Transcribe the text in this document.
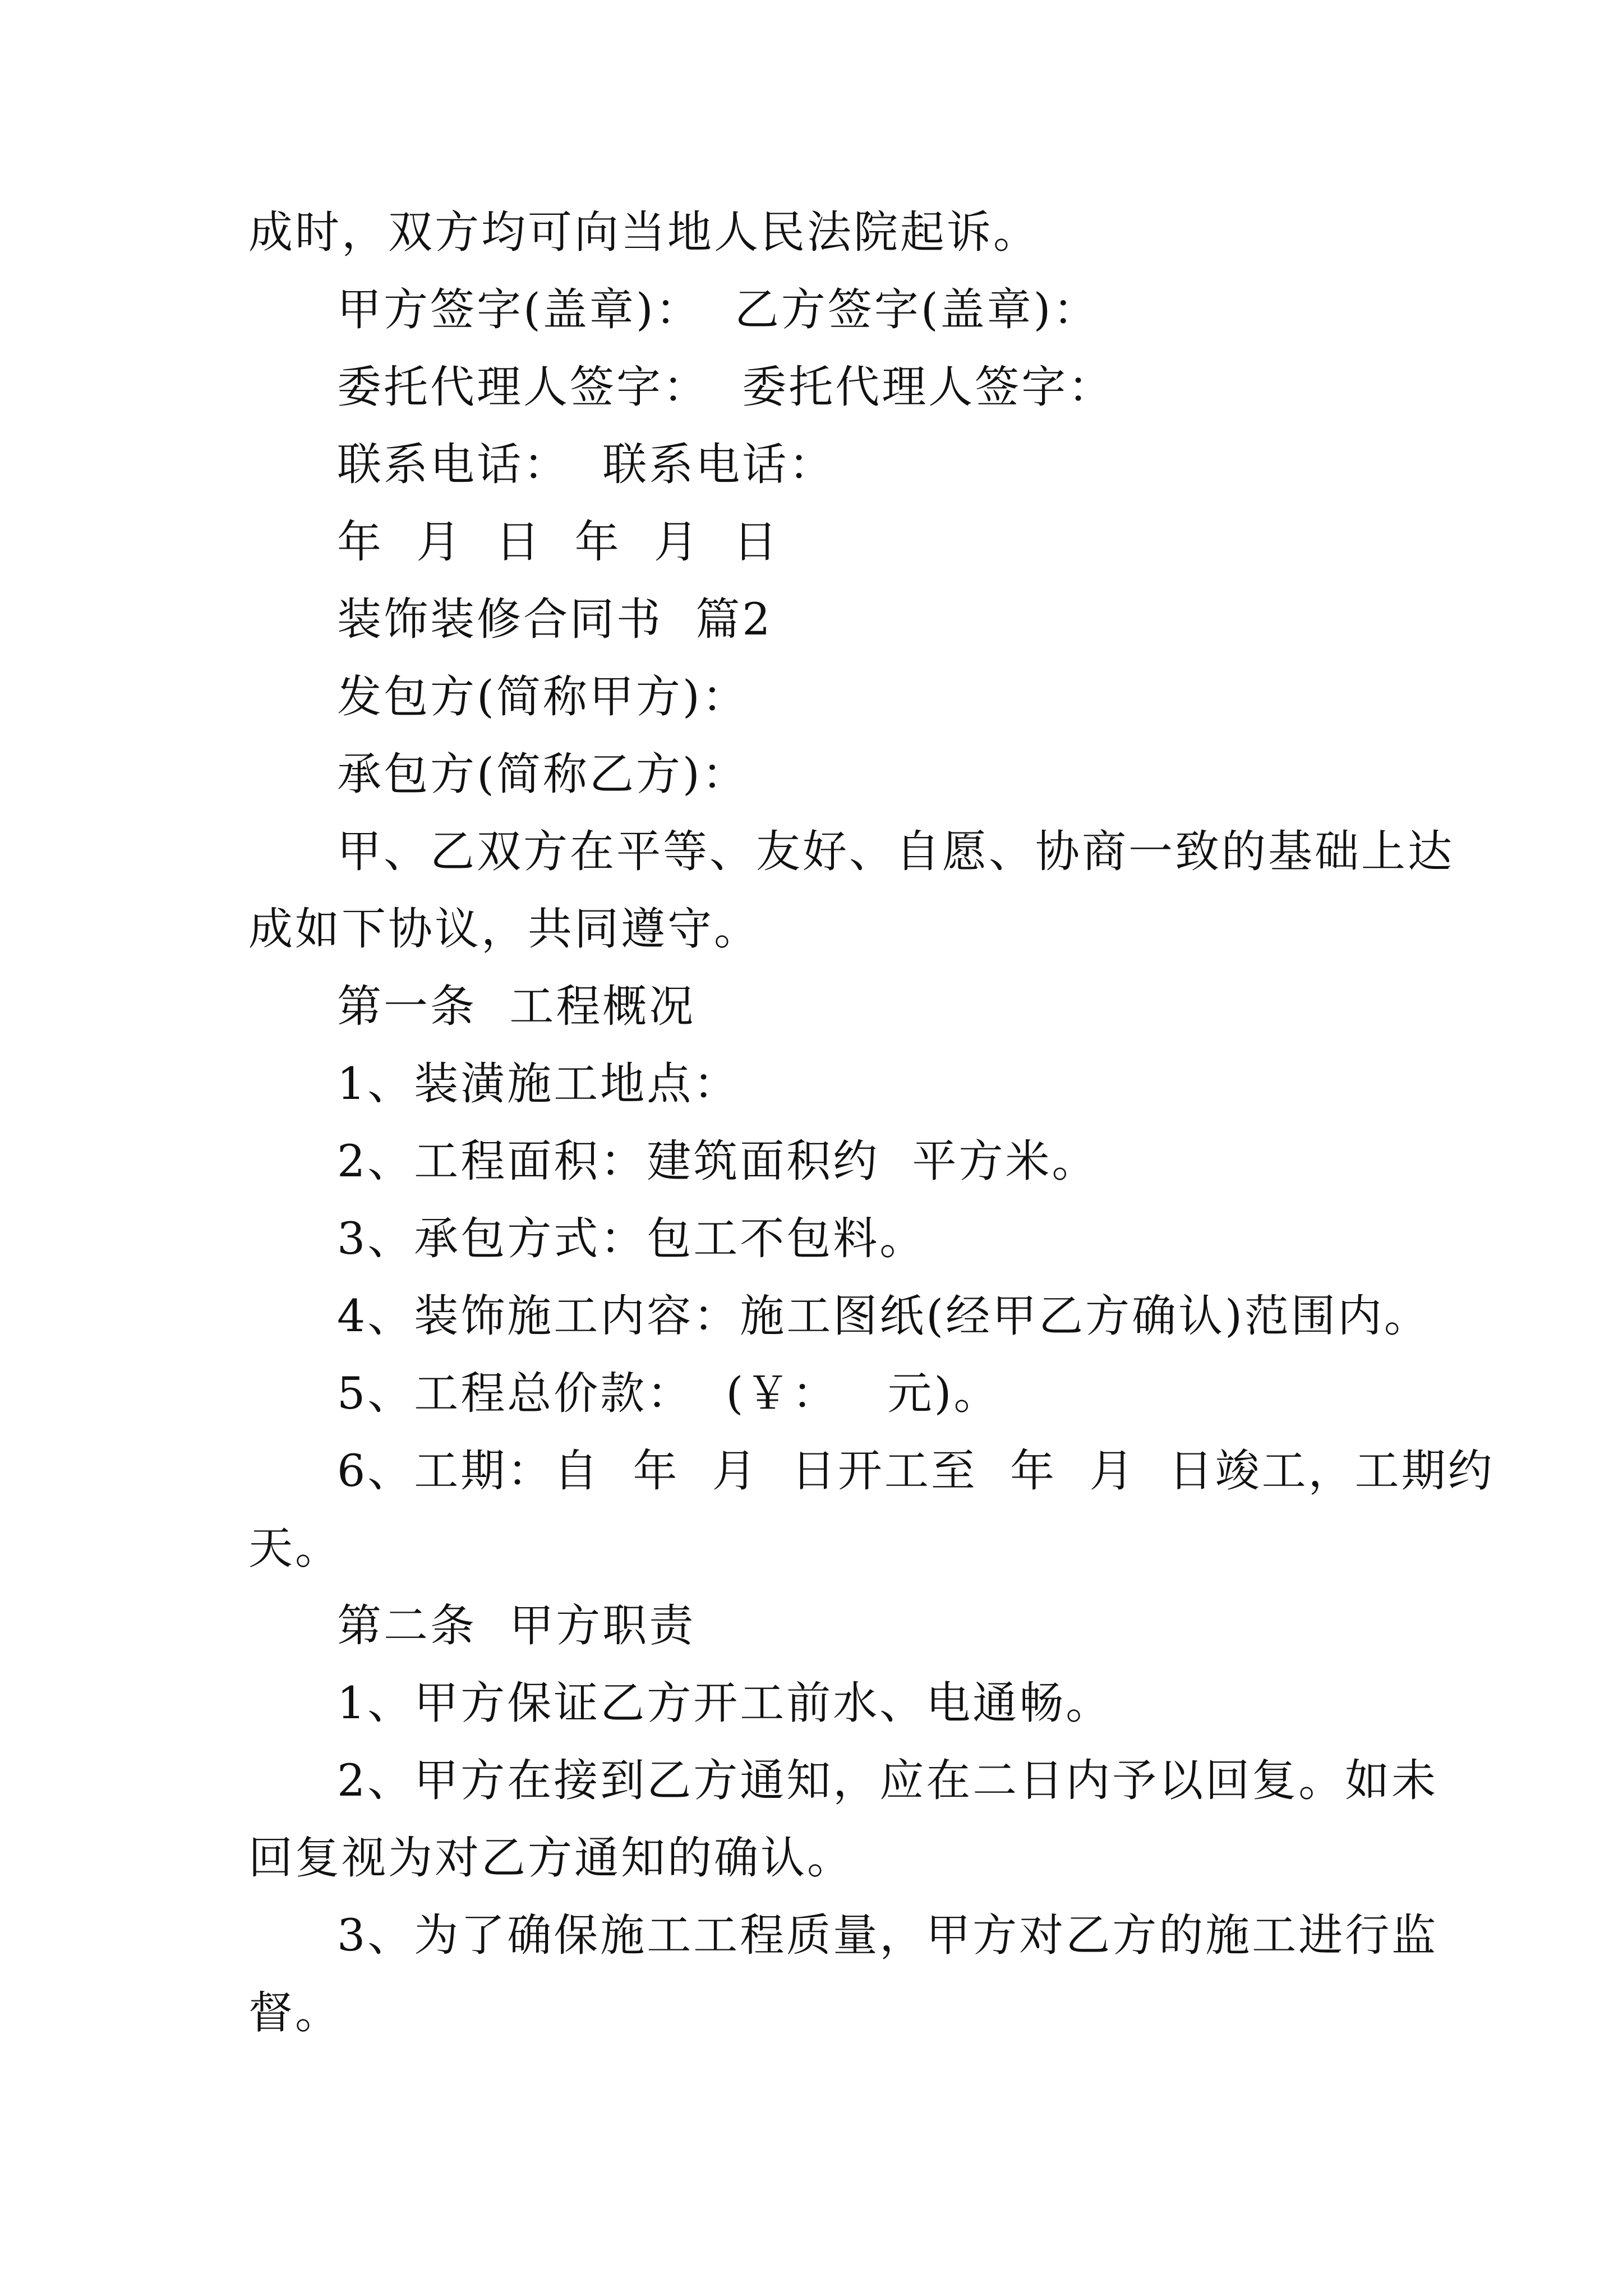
成时，双方均可向当地人民法院起诉。
甲方签字(盖章)：  乙方签字(盖章)：
委托代理人签字：  委托代理人签字：
联系电话：  联系电话：
年  月  日  年  月  日
装饰装修合同书  篇2
发包方(简称甲方)：
承包方(简称乙方)：
甲、乙双方在平等、友好、自愿、协商一致的基础上达
成如下协议，共同遵守。
第一条  工程概况
1、装潢施工地点：
2、工程面积：建筑面积约  平方米。
3、承包方式：包工不包料。
4、装饰施工内容：施工图纸(经甲乙方确认)范围内。
5、工程总价款：  (￥：   元)。
6、工期：自  年  月  日开工至  年  月  日竣工，工期约
天。
第二条  甲方职责
1、甲方保证乙方开工前水、电通畅。
2、甲方在接到乙方通知，应在二日内予以回复。如未
回复视为对乙方通知的确认。
3、为了确保施工工程质量，甲方对乙方的施工进行监
督。
